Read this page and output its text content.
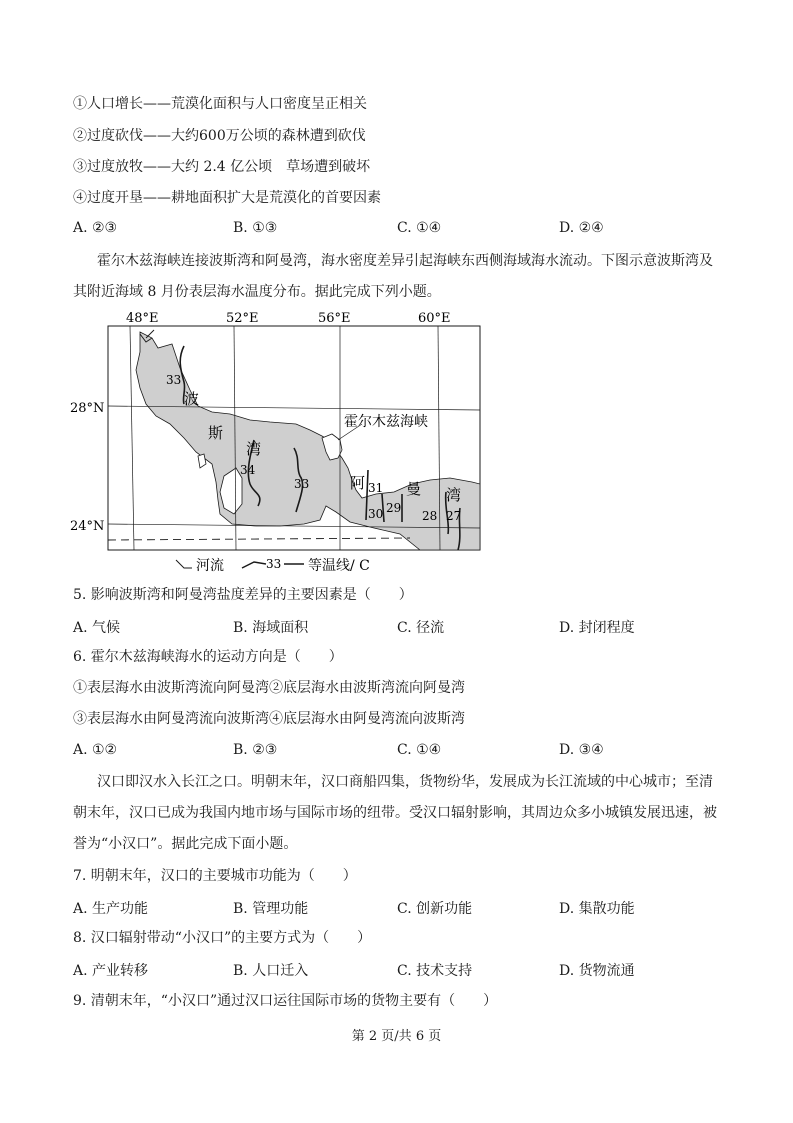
①人口增长——荒漠化面积与人口密度呈正相关
②过度砍伐——大约600万公顷的森林遭到砍伐
③过度放牧——大约 2.4 亿公顷　草场遭到破坏
④过度开垦——耕地面积扩大是荒漠化的首要因素
A. ②③	B. ①③	C. ①④	D. ②④
霍尔木兹海峡连接波斯湾和阿曼湾，海水密度差异引起海峡东西侧海域海水流动。下图示意波斯湾及
其附近海域 8 月份表层海水温度分布。据此完成下列小题。
48°E	52°E	56°E	60°E
28°N
24°N
波
斯
湾
霍尔木兹海峡
阿	曼 湾
33
34
33	31
30 29
28 27
河流	33 等温线/ C
5. 影响波斯湾和阿曼湾盐度差异的主要因素是（　　）
A. 气候	B. 海域面积	C. 径流	D. 封闭程度
6. 霍尔木兹海峡海水的运动方向是（　　）
①表层海水由波斯湾流向阿曼湾②底层海水由波斯湾流向阿曼湾
③表层海水由阿曼湾流向波斯湾④底层海水由阿曼湾流向波斯湾
A. ①②	B. ②③	C. ①④	D. ③④
汉口即汉水入长江之口。明朝末年，汉口商船四集，货物纷华，发展成为长江流域的中心城市；至清
朝末年，汉口已成为我国内地市场与国际市场的纽带。受汉口辐射影响，其周边众多小城镇发展迅速，被
誉为“小汉口”。据此完成下面小题。
7. 明朝末年，汉口的主要城市功能为（　　）
A. 生产功能	B. 管理功能	C. 创新功能	D. 集散功能
8. 汉口辐射带动“小汉口”的主要方式为（　　）
A. 产业转移	B. 人口迁入	C. 技术支持	D. 货物流通
9. 清朝末年，“小汉口”通过汉口运往国际市场的货物主要有（　　）
第 2 页/共 6 页
